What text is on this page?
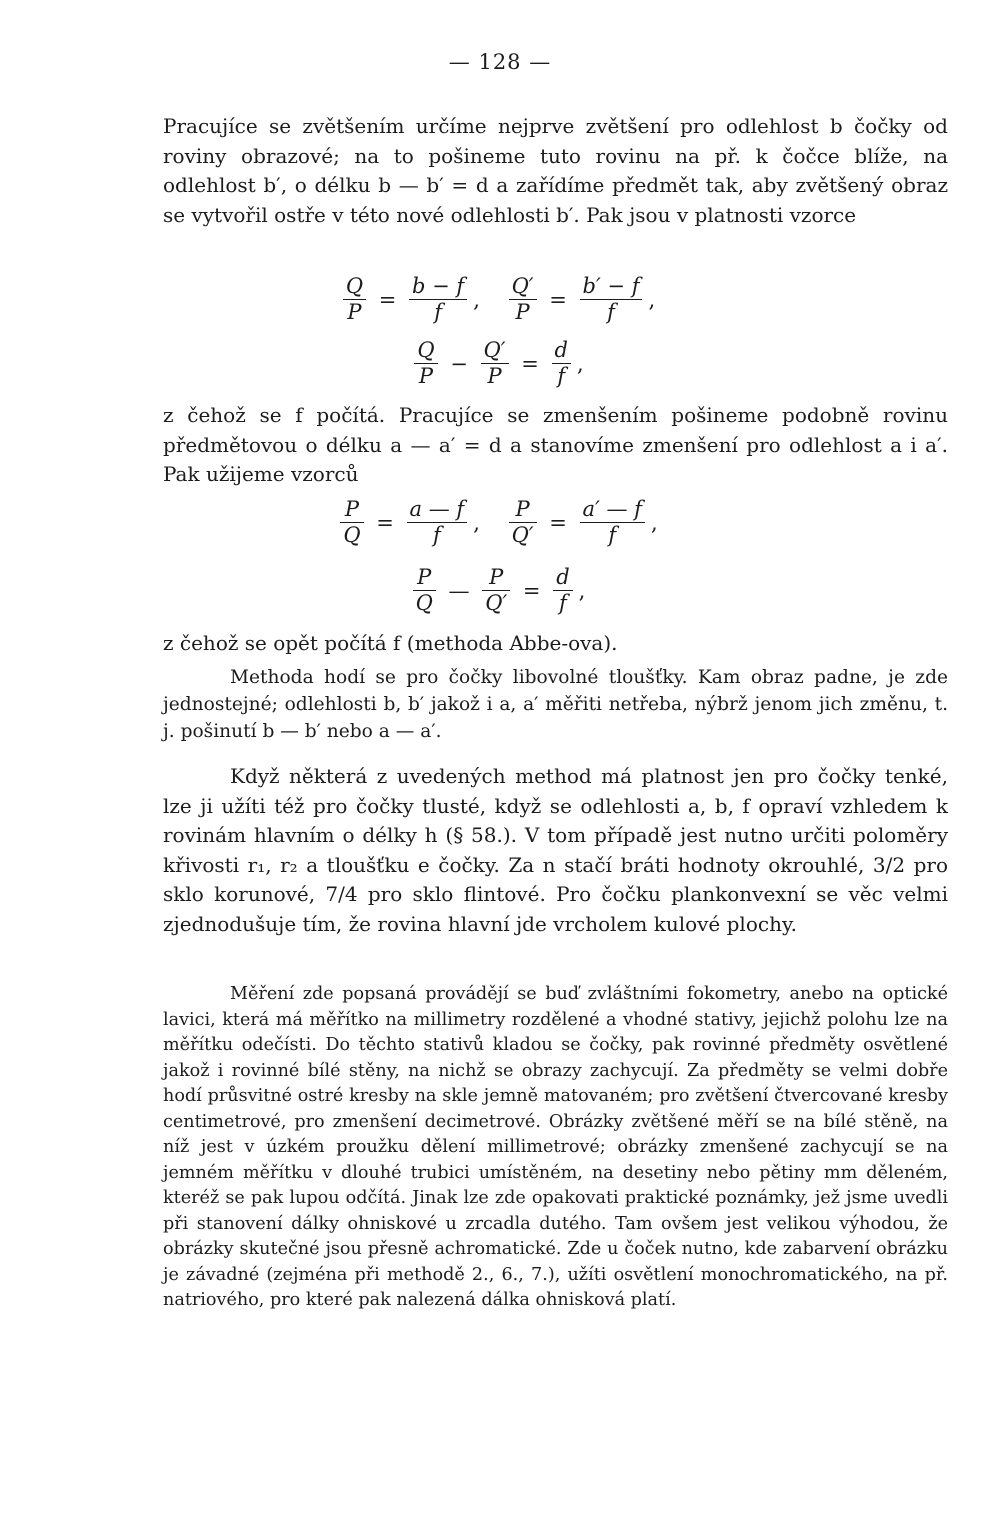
— 128 —

Pracujíce se zvětšením určíme nejprve zvětšení pro odlehlost b čočky od roviny obrazové; na to pošineme tuto rovinu na př. k čočce blíže, na odlehlost b′, o délku b — b′ = d a zařídíme předmět tak, aby zvětšený obraz se vytvořil ostře v této nové odlehlosti b′. Pak jsou v platnosti vzorce

$\frac{Q}{P} = \frac{b - f}{f}$ , $\frac{Q'}{P} = \frac{b' - f}{f}$ ,
$\frac{Q}{P} - \frac{Q'}{P} = \frac{d}{f}$ ,

z čehož se f počítá. Pracujíce se zmenšením pošineme podobně rovinu předmětovou o délku a — a′ = d a stanovíme zmenšení pro odlehlost a i a′. Pak užijeme vzorců

$\frac{P}{Q} = \frac{a — f}{f}$ , $\frac{P}{Q'} = \frac{a' — f}{f}$ ,
$\frac{P}{Q}$ — $\frac{P}{Q'} = \frac{d}{f}$ ,

z čehož se opět počítá f (methoda Abbe-ova).

Methoda hodí se pro čočky libovolné tloušťky. Kam obraz padne, je zde jednostejné; odlehlosti b, b′ jakož i a, a′ měřiti netřeba, nýbrž jenom jich změnu, t. j. pošinutí b — b′ nebo a — a′.

Když některá z uvedených method má platnost jen pro čočky tenké, lze ji užíti též pro čočky tlusté, když se odlehlosti a, b, f opraví vzhledem k rovinám hlavním o délky h (§ 58.). V tom případě jest nutno určiti poloměry křivosti r₁, r₂ a tloušťku e čočky. Za n stačí bráti hodnoty okrouhlé, 3/2 pro sklo korunové, 7/4 pro sklo flintové. Pro čočku plankonvexní se věc velmi zjednodušuje tím, že rovina hlavní jde vrcholem kulové plochy.

Měření zde popsaná provádějí se buď zvláštními fokometry, anebo na optické lavici, která má měřítko na millimetry rozdělené a vhodné stativy, jejichž polohu lze na měřítku odečísti. Do těchto stativů kladou se čočky, pak rovinné předměty osvětlené jakož i rovinné bílé stěny, na nichž se obrazy zachycují. Za předměty se velmi dobře hodí průsvitné ostré kresby na skle jemně matovaném; pro zvětšení čtvercované kresby centimetrové, pro zmenšení decimetrové. Obrázky zvětšené měří se na bílé stěně, na níž jest v úzkém proužku dělení millimetrové; obrázky zmenšené zachycují se na jemném měřítku v dlouhé trubici umístěném, na desetiny nebo pětiny mm děleném, kteréž se pak lupou odčítá. Jinak lze zde opakovati praktické poznámky, jež jsme uvedli při stanovení dálky ohniskové u zrcadla dutého. Tam ovšem jest velikou výhodou, že obrázky skutečné jsou přesně achromatické. Zde u čoček nutno, kde zabarvení obrázku je závadné (zejména při methodě 2., 6., 7.), užíti osvětlení monochromatického, na př. natriového, pro které pak nalezená dálka ohnisková platí.
